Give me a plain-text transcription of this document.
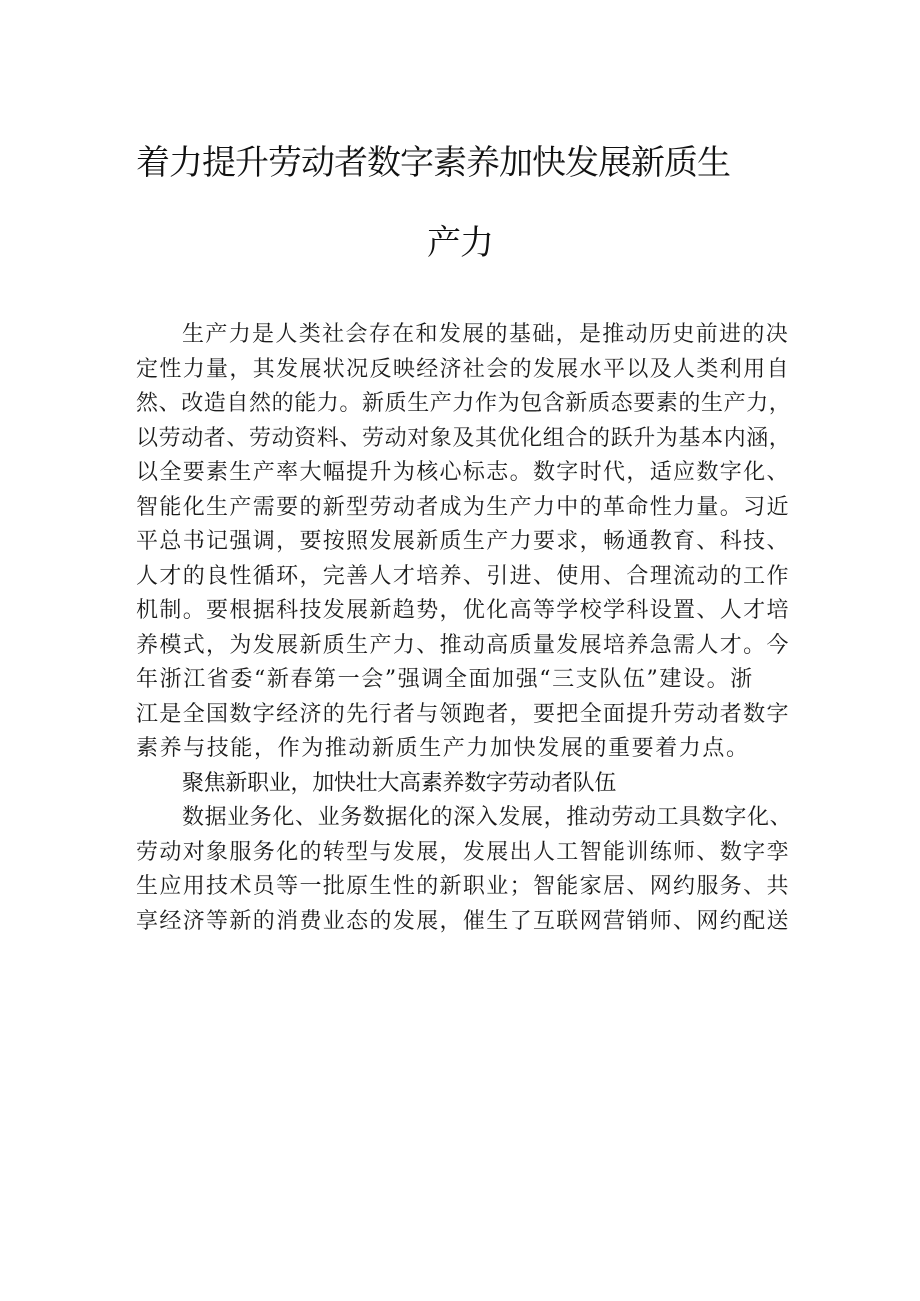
着力提升劳动者数字素养加快发展新质生
产力
生产力是人类社会存在和发展的基础，是推动历史前进的决
定性力量，其发展状况反映经济社会的发展水平以及人类利用自
然、改造自然的能力。新质生产力作为包含新质态要素的生产力，
以劳动者、劳动资料、劳动对象及其优化组合的跃升为基本内涵，
以全要素生产率大幅提升为核心标志。数字时代，适应数字化、
智能化生产需要的新型劳动者成为生产力中的革命性力量。习近
平总书记强调，要按照发展新质生产力要求，畅通教育、科技、
人才的良性循环，完善人才培养、引进、使用、合理流动的工作
机制。要根据科技发展新趋势，优化高等学校学科设置、人才培
养模式，为发展新质生产力、推动高质量发展培养急需人才。今
年浙江省委“新春第一会”强调全面加强“三支队伍”建设。浙
江是全国数字经济的先行者与领跑者，要把全面提升劳动者数字
素养与技能，作为推动新质生产力加快发展的重要着力点。
聚焦新职业，加快壮大高素养数字劳动者队伍
数据业务化、业务数据化的深入发展，推动劳动工具数字化、
劳动对象服务化的转型与发展，发展出人工智能训练师、数字孪
生应用技术员等一批原生性的新职业；智能家居、网约服务、共
享经济等新的消费业态的发展，催生了互联网营销师、网约配送
